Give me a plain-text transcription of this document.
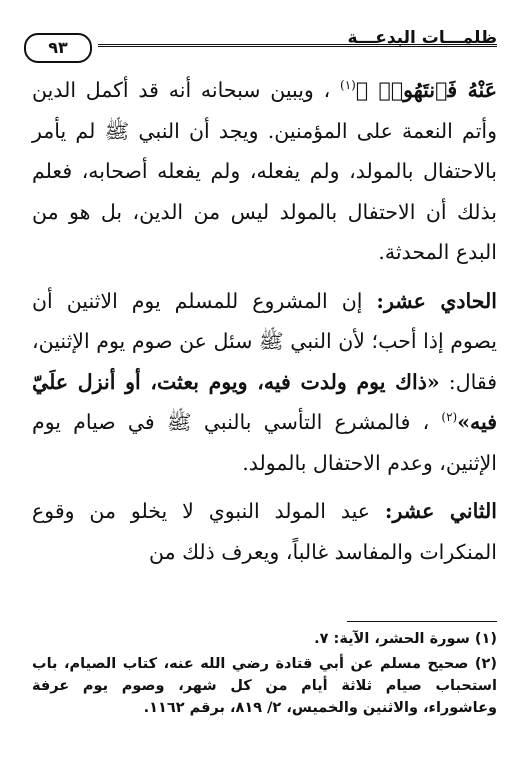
ظلمـــات البدعـــة
٩٣

عَنْهُ فَٱنتَهُوا۟ ﴾$^{(١)}$ ، ويبين سبحانه أنه قد أكمل الدين وأتم النعمة على المؤمنين. ويجد أن النبي ﷺ لم يأمر بالاحتفال بالمولد، ولم يفعله، ولم يفعله أصحابه، فعلم بذلك أن الاحتفال بالمولد ليس من الدين، بل هو من البدع المحدثة.

الحادي عشر: إن المشروع للمسلم يوم الاثنين أن يصوم إذا أحب؛ لأن النبي ﷺ سئل عن صوم يوم الإثنين، فقال: «ذاك يوم ولدت فيه، ويوم بعثت، أو أنزل علَيّ فيه»$^{(٢)}$ ، فالمشرع التأسي بالنبي ﷺ في صيام يوم الإثنين، وعدم الاحتفال بالمولد.

الثاني عشر: عيد المولد النبوي لا يخلو من وقوع المنكرات والمفاسد غالباً، ويعرف ذلك من

(١) سورة الحشر، الآية: ٧.

(٢) صحيح مسلم عن أبي قتادة رضي الله عنه، كتاب الصيام، باب استحباب صيام ثلاثة أيام من كل شهر، وصوم يوم عرفة وعاشوراء، والاثنين والخميس، ٢/ ٨١٩، برقم ١١٦٢.
